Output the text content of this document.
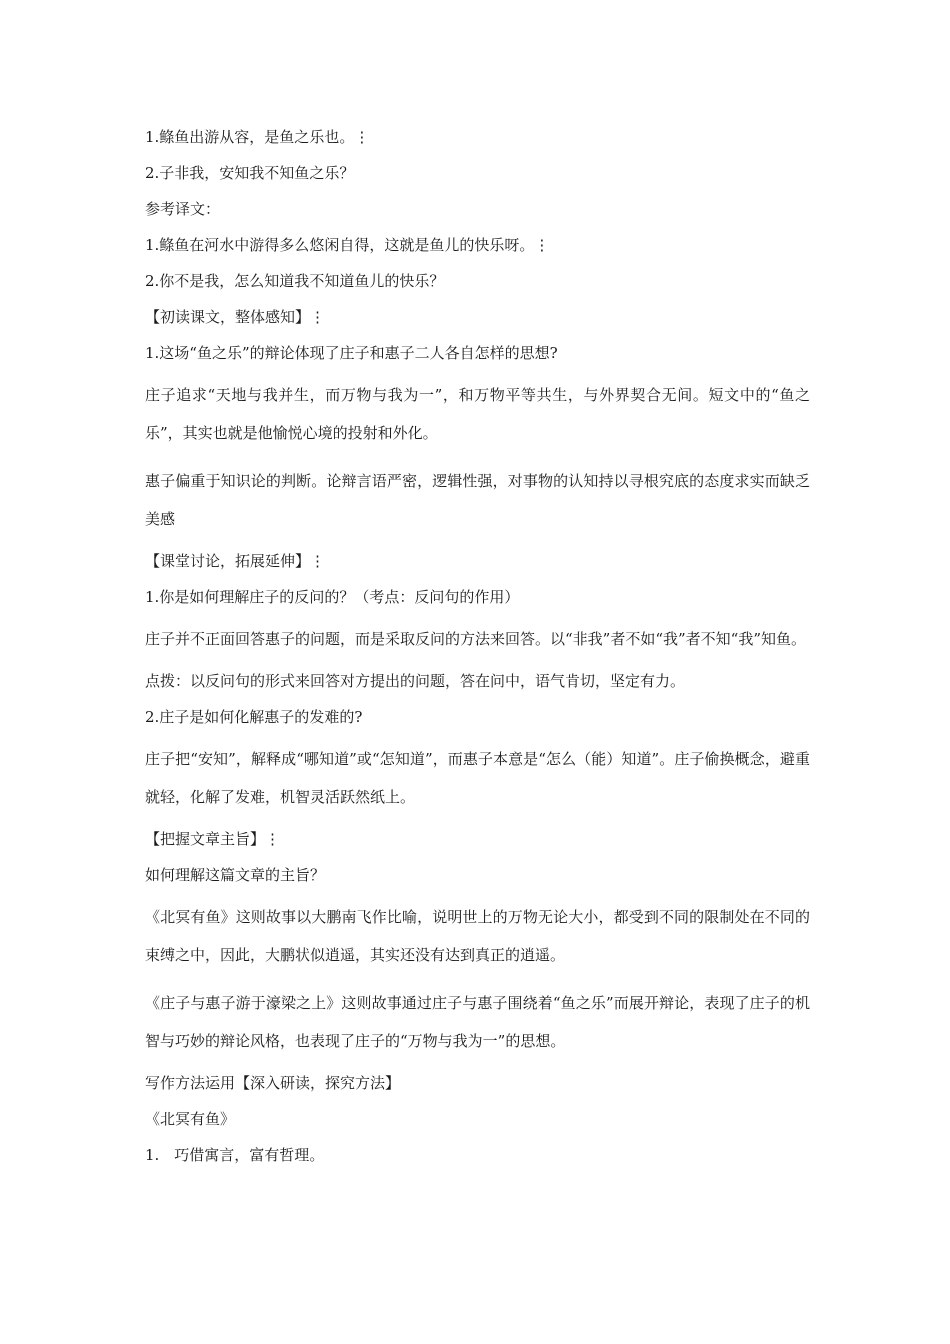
1.鲦鱼出游从容，是鱼之乐也。⋮

2.子非我，安知我不知鱼之乐？

参考译文：

1.鲦鱼在河水中游得多么悠闲自得，这就是鱼儿的快乐呀。⋮

2.你不是我，怎么知道我不知道鱼儿的快乐？

【初读课文，整体感知】⋮

1.这场“鱼之乐”的辩论体现了庄子和惠子二人各自怎样的思想?

庄子追求“天地与我并生，而万物与我为一”，和万物平等共生，与外界契合无间。短文中的“鱼之乐”，其实也就是他愉悦心境的投射和外化。

惠子偏重于知识论的判断。论辩言语严密，逻辑性强，对事物的认知持以寻根究底的态度求实而缺乏美感

【课堂讨论，拓展延伸】⋮

1.你是如何理解庄子的反问的？（考点：反问句的作用）

庄子并不正面回答惠子的问题，而是采取反问的方法来回答。以“非我”者不如“我”者不知“我”知鱼。

点拨：以反问句的形式来回答对方提出的问题，答在问中，语气肯切，坚定有力。

2.庄子是如何化解惠子的发难的?

庄子把“安知”，解释成“哪知道”或“怎知道”，而惠子本意是“怎么（能）知道”。庄子偷换概念，避重就轻，化解了发难，机智灵活跃然纸上。

【把握文章主旨】⋮

如何理解这篇文章的主旨？

《北冥有鱼》这则故事以大鹏南飞作比喻，说明世上的万物无论大小，都受到不同的限制处在不同的束缚之中，因此，大鹏状似逍遥，其实还没有达到真正的逍遥。

《庄子与惠子游于濠梁之上》这则故事通过庄子与惠子围绕着“鱼之乐”而展开辩论，表现了庄子的机智与巧妙的辩论风格，也表现了庄子的“万物与我为一”的思想。

写作方法运用【深入研读，探究方法】

《北冥有鱼》

1.　巧借寓言，富有哲理。
